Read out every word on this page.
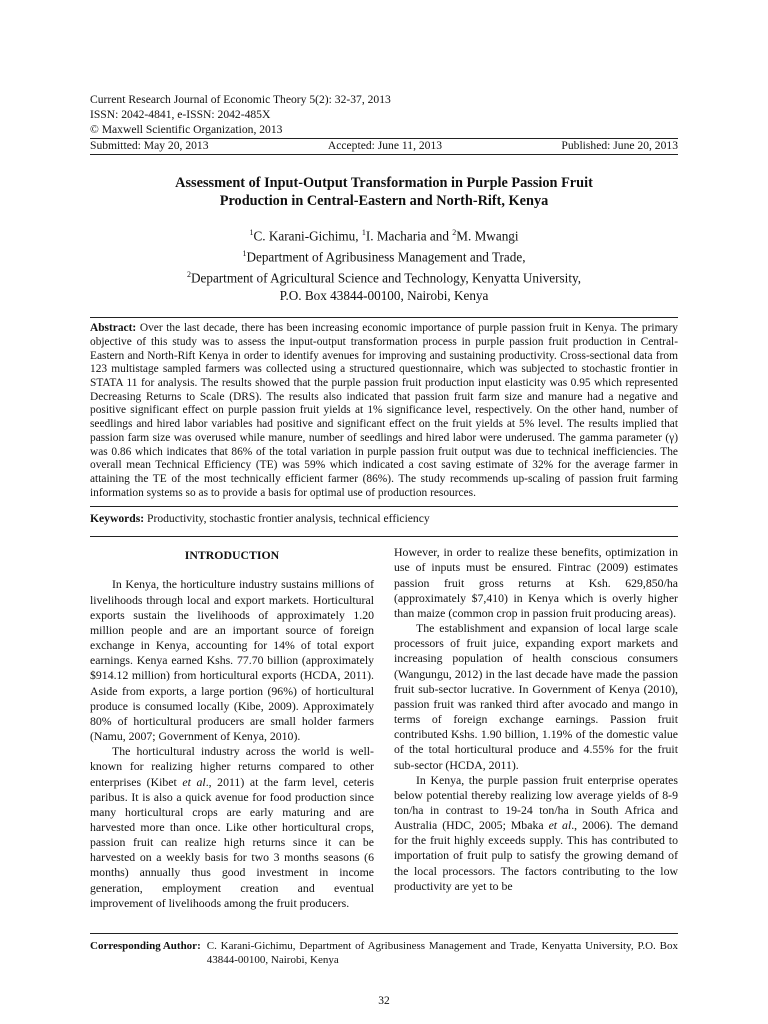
Current Research Journal of Economic Theory 5(2): 32-37, 2013
ISSN: 2042-4841, e-ISSN: 2042-485X
© Maxwell Scientific Organization, 2013
Submitted: May 20, 2013	Accepted: June 11, 2013	Published: June 20, 2013
Assessment of Input-Output Transformation in Purple Passion Fruit
Production in Central-Eastern and North-Rift, Kenya
$^1$C. Karani-Gichimu, $^1$I. Macharia and $^2$M. Mwangi
$^1$Department of Agribusiness Management and Trade,
$^2$Department of Agricultural Science and Technology, Kenyatta University,
P.O. Box 43844-00100, Nairobi, Kenya
Abstract: Over the last decade, there has been increasing economic importance of purple passion fruit in Kenya. The primary objective of this study was to assess the input-output transformation process in purple passion fruit production in Central-Eastern and North-Rift Kenya in order to identify avenues for improving and sustaining productivity. Cross-sectional data from 123 multistage sampled farmers was collected using a structured questionnaire, which was subjected to stochastic frontier in STATA 11 for analysis. The results showed that the purple passion fruit production input elasticity was 0.95 which represented Decreasing Returns to Scale (DRS). The results also indicated that passion fruit farm size and manure had a negative and positive significant effect on purple passion fruit yields at 1% significance level, respectively. On the other hand, number of seedlings and hired labor variables had positive and significant effect on the fruit yields at 5% level. The results implied that passion farm size was overused while manure, number of seedlings and hired labor were underused. The gamma parameter (γ) was 0.86 which indicates that 86% of the total variation in purple passion fruit output was due to technical inefficiencies. The overall mean Technical Efficiency (TE) was 59% which indicated a cost saving estimate of 32% for the average farmer in attaining the TE of the most technically efficient farmer (86%). The study recommends up-scaling of passion fruit farming information systems so as to provide a basis for optimal use of production resources.
Keywords: Productivity, stochastic frontier analysis, technical efficiency
INTRODUCTION

In Kenya, the horticulture industry sustains millions of livelihoods through local and export markets. Horticultural exports sustain the livelihoods of approximately 1.20 million people and are an important source of foreign exchange in Kenya, accounting for 14% of total export earnings. Kenya earned Kshs. 77.70 billion (approximately $914.12 million) from horticultural exports (HCDA, 2011). Aside from exports, a large portion (96%) of horticultural produce is consumed locally (Kibe, 2009). Approximately 80% of horticultural producers are small holder farmers (Namu, 2007; Government of Kenya, 2010).

The horticultural industry across the world is well-known for realizing higher returns compared to other enterprises (Kibet et al., 2011) at the farm level, ceteris paribus. It is also a quick avenue for food production since many horticultural crops are early maturing and are harvested more than once. Like other horticultural crops, passion fruit can realize high returns since it can be harvested on a weekly basis for two 3 months seasons (6 months) annually thus good investment in income generation, employment creation and eventual improvement of livelihoods among the fruit producers.

However, in order to realize these benefits, optimization in use of inputs must be ensured. Fintrac (2009) estimates passion fruit gross returns at Ksh. 629,850/ha (approximately $7,410) in Kenya which is overly higher than maize (common crop in passion fruit producing areas).

The establishment and expansion of local large scale processors of fruit juice, expanding export markets and increasing population of health conscious consumers (Wangungu, 2012) in the last decade have made the passion fruit sub-sector lucrative. In Government of Kenya (2010), passion fruit was ranked third after avocado and mango in terms of foreign exchange earnings. Passion fruit contributed Kshs. 1.90 billion, 1.19% of the domestic value of the total horticultural produce and 4.55% for the fruit sub-sector (HCDA, 2011).

In Kenya, the purple passion fruit enterprise operates below potential thereby realizing low average yields of 8-9 ton/ha in contrast to 19-24 ton/ha in South Africa and Australia (HDC, 2005; Mbaka et al., 2006). The demand for the fruit highly exceeds supply. This has contributed to importation of fruit pulp to satisfy the growing demand of the local processors. The factors contributing to the low productivity are yet to be

Corresponding Author: C. Karani-Gichimu, Department of Agribusiness Management and Trade, Kenyatta University, P.O. Box 43844-00100, Nairobi, Kenya
32
